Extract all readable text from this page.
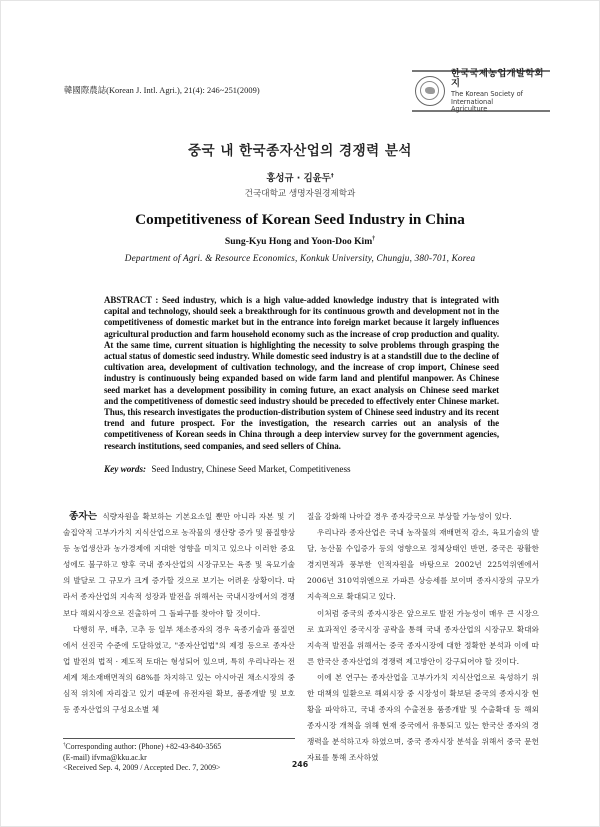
韓國際農誌(Korean J. Intl. Agri.), 21(4): 246~251(2009)
한국국제농업개발학회지
The Korean Society of International
Agriculture
중국 내 한국종자산업의 경쟁력 분석
홍성규 · 김윤두†
건국대학교 생명자원경제학과
Competitiveness of Korean Seed Industry in China
Sung-Kyu Hong and Yoon-Doo Kim†
Department of Agri. & Resource Economics, Konkuk University, Chungju, 380-701, Korea
ABSTRACT : Seed industry, which is a high value-added knowledge industry that is integrated with capital and technology, should seek a breakthrough for its continuous growth and development not in the competitiveness of domestic market but in the entrance into foreign market because it largely influences agricultural production and farm household economy such as the increase of crop production and quality. At the same time, current situation is highlighting the necessity to solve problems through grasping the actual status of domestic seed industry. While domestic seed industry is at a standstill due to the decline of cultivation area, development of cultivation technology, and the increase of crop import, Chinese seed industry is continuously being expanded based on wide farm land and plentiful manpower. As Chinese seed market has a development possibility in coming future, an exact analysis on Chinese seed market and the competitiveness of domestic seed industry should be preceded to effectively enter Chinese market. Thus, this research investigates the production-distribution system of Chinese seed industry and its recent trend and future prospect. For the investigation, the research carries out an analysis of the competitiveness of Korean seeds in China through a deep interview survey for the government agencies, research institutions, seed companies, and seed sellers of China.
Key words: Seed Industry, Chinese Seed Market, Competitiveness

종자는 식량자원을 확보하는 기본요소일 뿐만 아니라 자본 및 기술집약적 고부가가치 지식산업으로 농작물의 생산량 증가 및 품질향상 등 농업생산과 농가경제에 지대한 영향을 미치고 있으나 이러한 중요성에도 불구하고 향후 국내 종자산업의 시장규모는 육종 및 육묘기술의 발달로 그 규모가 크게 증가할 것으로 보기는 어려운 상황이다. 따라서 종자산업의 지속적 성장과 발전을 위해서는 국내시장에서의 경쟁보다 해외시장으로 진출하여 그 돌파구를 찾아야 할 것이다.

다행히 무, 배추, 고추 등 일부 채소종자의 경우 육종기술과 품질면에서 선진국 수준에 도달하였고, "종자산업법"의 제정 등으로 종자산업 발전의 법적 · 제도적 토대는 형성되어 있으며, 특히 우리나라는 전 세계 채소재배면적의 68%를 차지하고 있는 아시아권 채소시장의 중심적 위치에 자리잡고 있기 때문에 유전자원 확보, 품종개발 및 보호 등 종자산업의 구성요소별 체

질을 강화해 나아갈 경우 종자강국으로 부상할 가능성이 있다.

우리나라 종자산업은 국내 농작물의 재배면적 감소, 육묘기술의 발달, 농산물 수입증가 등의 영향으로 정체상태인 반면, 중국은 광활한 경지면적과 풍부한 인적자원을 바탕으로 2002년 225억위엔에서 2006년 310억위엔으로 가파른 상승세를 보이며 종자시장의 규모가 지속적으로 확대되고 있다.

이처럼 중국의 종자시장은 앞으로도 발전 가능성이 매우 큰 시장으로 효과적인 중국시장 공략을 통해 국내 종자산업의 시장규모 확대와 지속적 발전을 위해서는 중국 종자시장에 대한 정확한 분석과 이에 따른 한국산 종자산업의 경쟁력 제고방안이 강구되어야 할 것이다.

이에 본 연구는 종자산업을 고부가가치 지식산업으로 육성하기 위한 대책의 일환으로 해외시장 중 시장성이 확보된 중국의 종자시장 현황을 파악하고, 국내 종자의 수출전용 품종개발 및 수출확대 등 해외 종자시장 개척을 위해 현재 중국에서 유통되고 있는 한국산 종자의 경쟁력을 분석하고자 하였으며, 중국 종자시장 분석을 위해서 중국 문헌자료를 통해 조사하였

†Corresponding author: (Phone) +82-43-840-3565
(E-mail) ifvma@kku.ac.kr
<Received Sep. 4, 2009 / Accepted Dec. 7, 2009>	246
